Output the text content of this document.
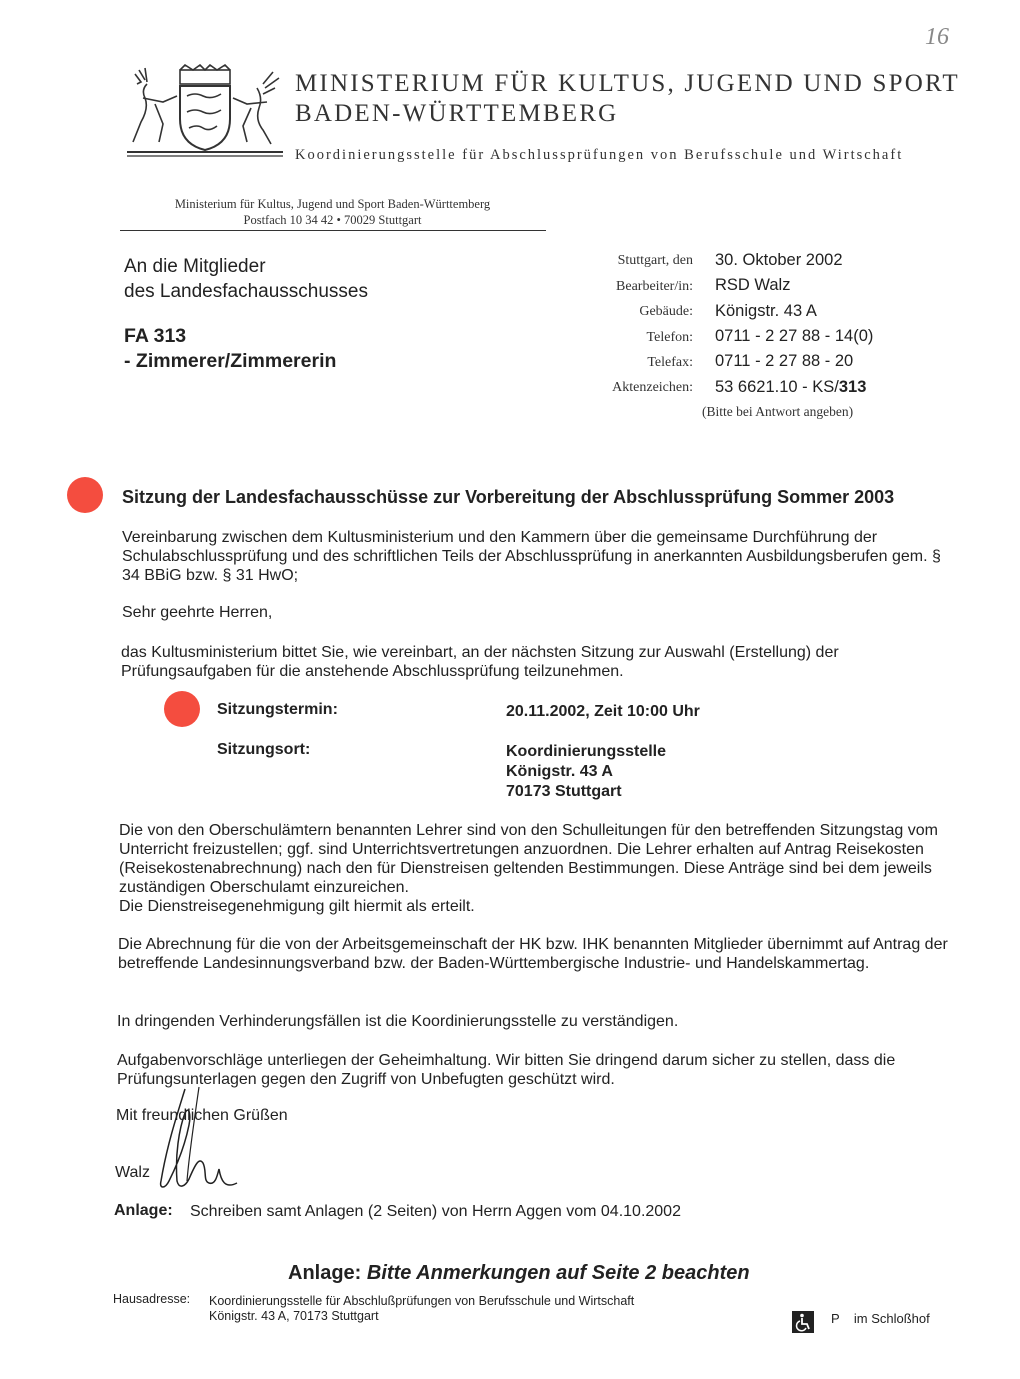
MINISTERIUM FÜR KULTUS, JUGEND UND SPORT
BADEN-WÜRTTEMBERG
Koordinierungsstelle für Abschlussprüfungen von Berufsschule und Wirtschaft
16
Ministerium für Kultus, Jugend und Sport Baden-Württemberg
Postfach 10 34 42 • 70029 Stuttgart
An die Mitglieder
des Landesfachausschusses
FA 313
- Zimmerer/Zimmererin
Stuttgart, den 30. Oktober 2002
Bearbeiter/in: RSD Walz
Gebäude: Königstr. 43 A
Telefon: 0711 - 2 27 88 - 14(0)
Telefax: 0711 - 2 27 88 - 20
Aktenzeichen: 53 6621.10 - KS/313
(Bitte bei Antwort angeben)
Sitzung der Landesfachausschüsse zur Vorbereitung der Abschlussprüfung Sommer 2003
Vereinbarung zwischen dem Kultusministerium und den Kammern über die gemeinsame Durchführung der Schulabschlussprüfung und des schriftlichen Teils der Abschlussprüfung in anerkannten Ausbildungsberufen gem. § 34 BBiG bzw. § 31 HwO;
Sehr geehrte Herren,
das Kultusministerium bittet Sie, wie vereinbart, an der nächsten Sitzung zur Auswahl (Erstellung) der Prüfungsaufgaben für die anstehende Abschlussprüfung teilzunehmen.
Sitzungstermin:	20.11.2002, Zeit 10:00 Uhr
Sitzungsort:	Koordinierungsstelle
Königstr. 43 A
70173 Stuttgart
Die von den Oberschulämtern benannten Lehrer sind von den Schulleitungen für den betreffenden Sitzungstag vom Unterricht freizustellen; ggf. sind Unterrichtsvertretungen anzuordnen. Die Lehrer erhalten auf Antrag Reisekosten (Reisekostenabrechnung) nach den für Dienstreisen geltenden Bestimmungen. Diese Anträge sind bei dem jeweils zuständigen Oberschulamt einzureichen.
Die Dienstreisegenehmigung gilt hiermit als erteilt.
Die Abrechnung für die von der Arbeitsgemeinschaft der HK bzw. IHK benannten Mitglieder übernimmt auf Antrag der betreffende Landesinnungsverband bzw. der Baden-Württembergische Industrie- und Handelskammertag.
In dringenden Verhinderungsfällen ist die Koordinierungsstelle zu verständigen.
Aufgabenvorschläge unterliegen der Geheimhaltung. Wir bitten Sie dringend darum sicher zu stellen, dass die Prüfungsunterlagen gegen den Zugriff von Unbefugten geschützt wird.
Mit freundlichen Grüßen
Walz
Anlage: Schreiben samt Anlagen (2 Seiten) von Herrn Aggen vom 04.10.2002
Anlage: Bitte Anmerkungen auf Seite 2 beachten
Hausadresse: Koordinierungsstelle für Abschlußprüfungen von Berufsschule und Wirtschaft
Königstr. 43 A, 70173 Stuttgart	P    im Schloßhof
